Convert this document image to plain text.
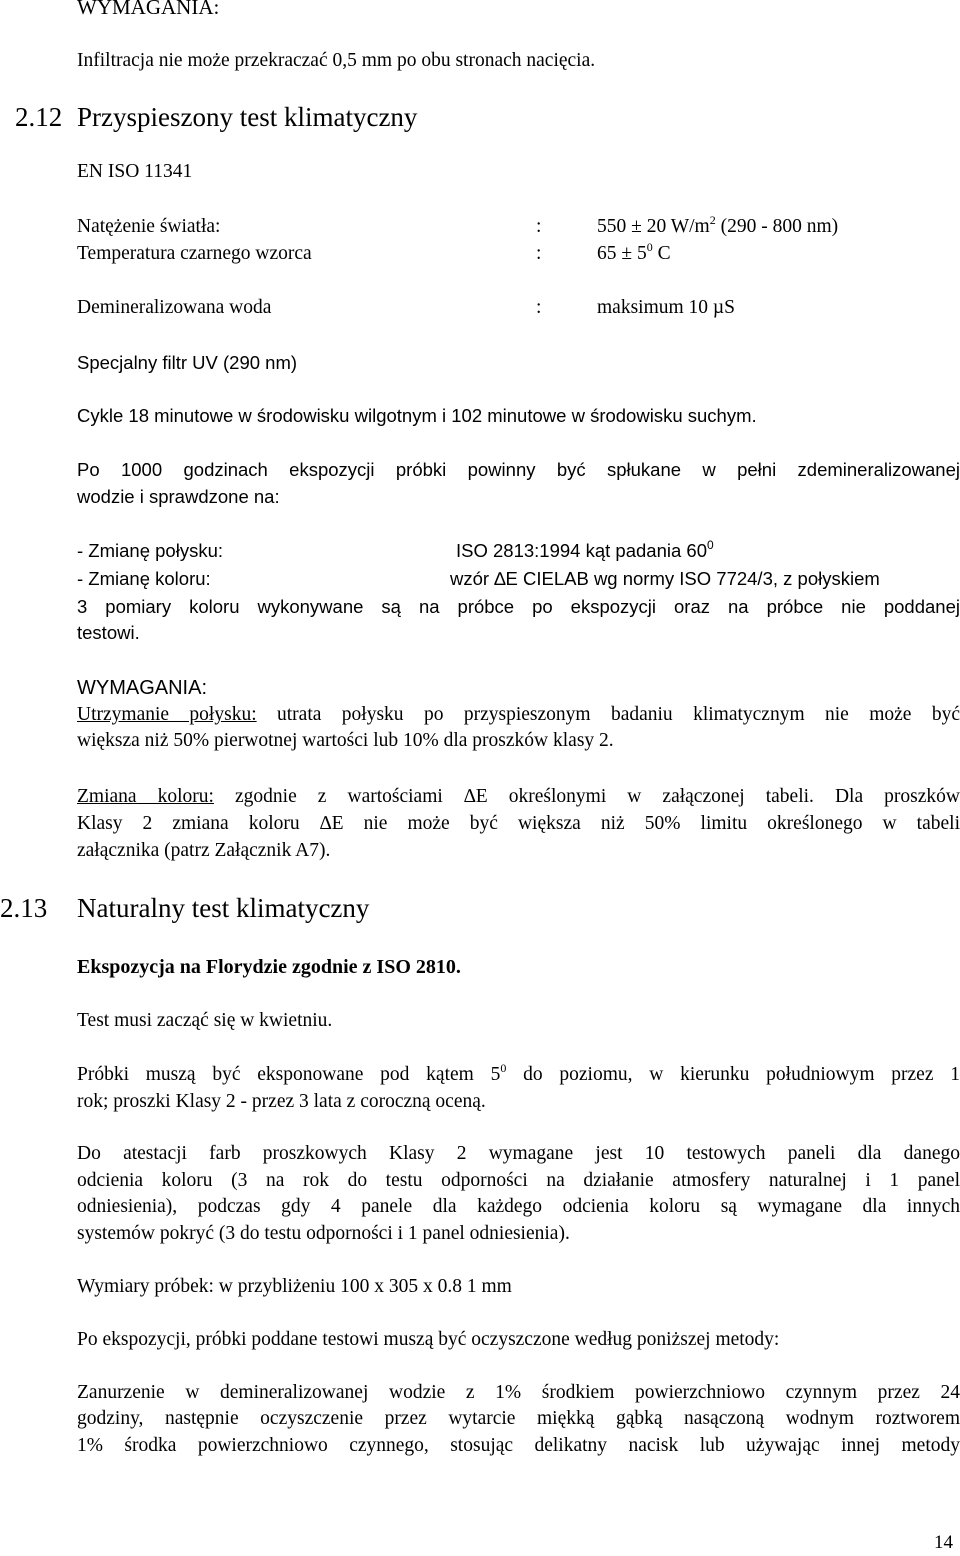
WYMAGANIA:
Infiltracja nie może przekraczać 0,5 mm po obu stronach nacięcia.
2.12 Przyspieszony test klimatyczny
EN ISO 11341
Natężenie światła:	:	550 ± 20 $W/m^2$ (290 - 800 nm)
Temperatura czarnego wzorca	:	$65 \pm 5^0$ C
Demineralizowana woda	:	maksimum 10 µS
Specjalny filtr UV (290 nm)
Cykle 18 minutowe w środowisku wilgotnym i 102 minutowe w środowisku suchym.
Po 1000 godzinach ekspozycji próbki powinny być spłukane w pełni zdemineralizowanej
wodzie i sprawdzone na:
- Zmianę połysku:	ISO 2813:1994 kąt padania $60^0$
- Zmianę koloru:	wzór ∆E CIELAB wg normy ISO 7724/3, z połyskiem
3 pomiary koloru wykonywane są na próbce po ekspozycji oraz na próbce nie poddanej
testowi.
WYMAGANIA:
Utrzymanie połysku: utrata połysku po przyspieszonym badaniu klimatycznym nie może być
większa niż 50% pierwotnej wartości lub 10% dla proszków klasy 2.
Zmiana koloru: zgodnie z wartościami ∆E określonymi w załączonej tabeli. Dla proszków
Klasy 2 zmiana koloru ∆E nie może być większa niż 50% limitu określonego w tabeli
załącznika (patrz Załącznik A7).
2.13 Naturalny test klimatyczny
Ekspozycja na Florydzie zgodnie z ISO 2810.
Test musi zacząć się w kwietniu.
Próbki muszą być eksponowane pod kątem $5^0$ do poziomu, w kierunku południowym przez 1
rok; proszki Klasy 2 - przez 3 lata z coroczną oceną.
Do atestacji farb proszkowych Klasy 2 wymagane jest 10 testowych paneli dla danego
odcienia koloru (3 na rok do testu odporności na działanie atmosfery naturalnej i 1 panel
odniesienia), podczas gdy 4 panele dla każdego odcienia koloru są wymagane dla innych
systemów pokryć (3 do testu odporności i 1 panel odniesienia).
Wymiary próbek: w przybliżeniu 100 x 305 x 0.8 1 mm
Po ekspozycji, próbki poddane testowi muszą być oczyszczone według poniższej metody:
Zanurzenie w demineralizowanej wodzie z 1% środkiem powierzchniowo czynnym przez 24
godziny, następnie oczyszczenie przez wytarcie miękką gąbką nasączoną wodnym roztworem
1% środka powierzchniowo czynnego, stosując delikatny nacisk lub używając innej metody
14
